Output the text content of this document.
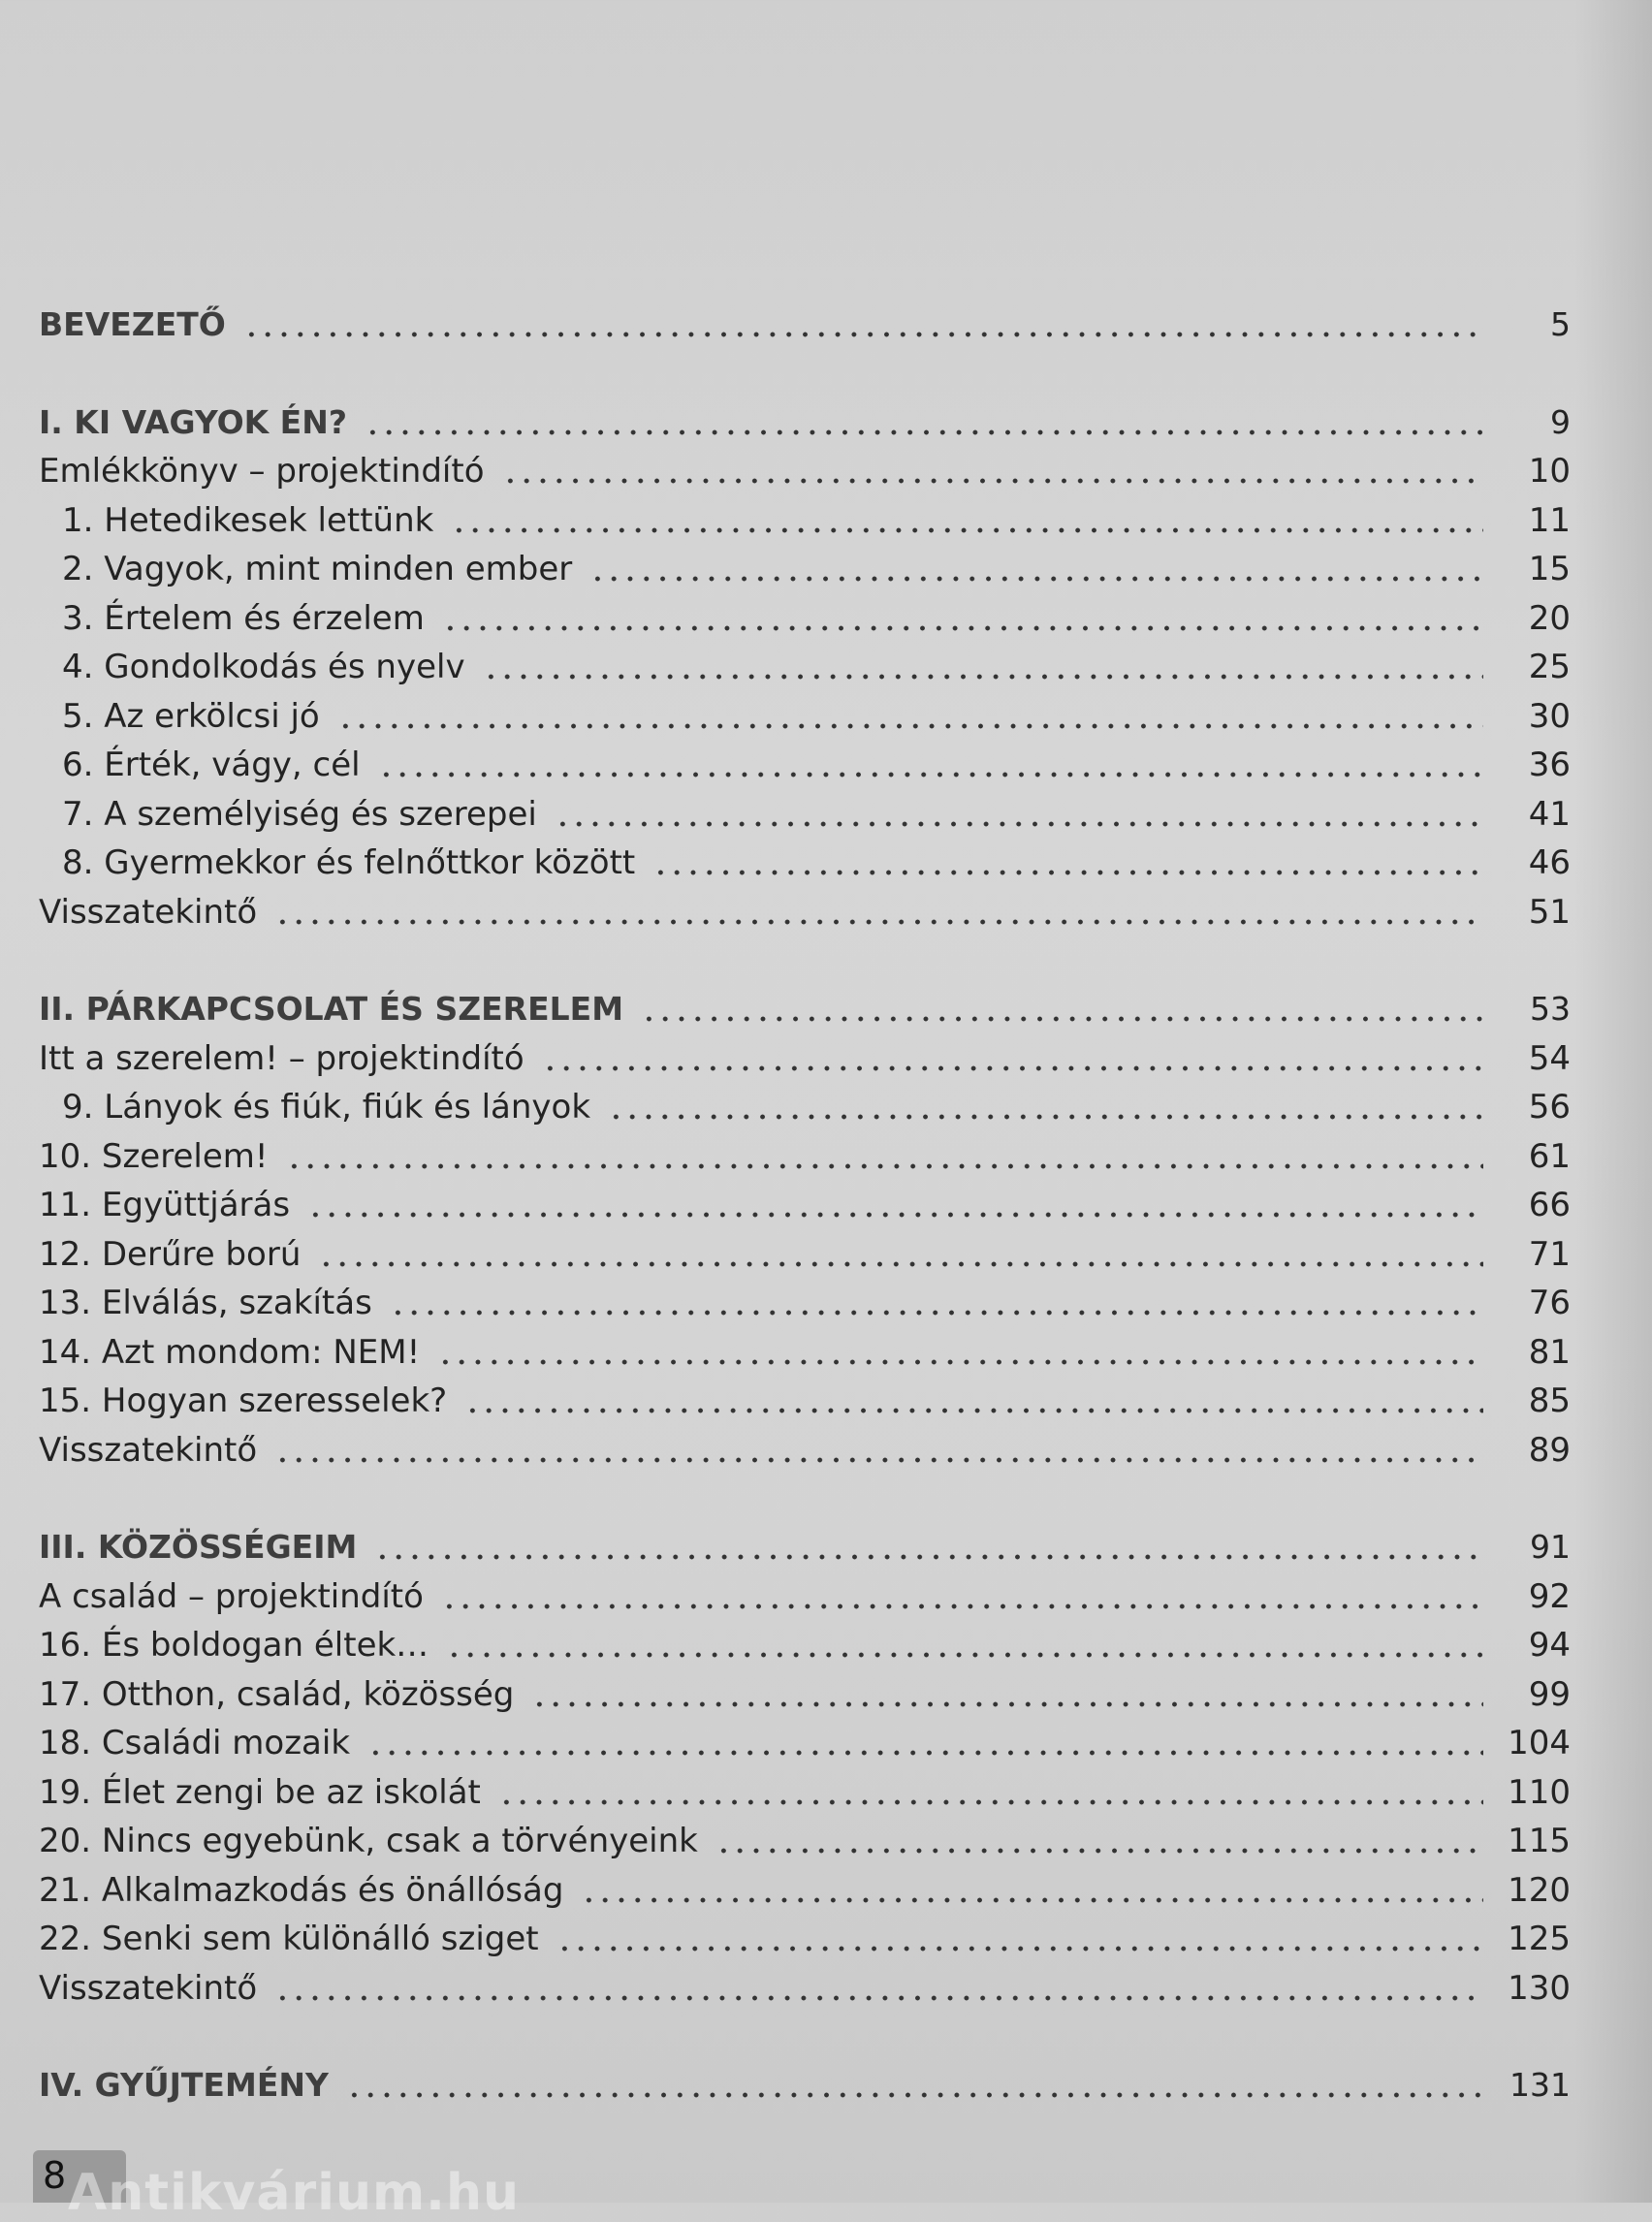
BEVEZETŐ	5
I. KI VAGYOK ÉN?	9
Emlékkönyv – projektindító	10
1. Hetedikesek lettünk	11
2. Vagyok, mint minden ember	15
3. Értelem és érzelem	20
4. Gondolkodás és nyelv	25
5. Az erkölcsi jó	30
6. Érték, vágy, cél	36
7. A személyiség és szerepei	41
8. Gyermekkor és felnőttkor között	46
Visszatekintő	51
II. PÁRKAPCSOLAT ÉS SZERELEM	53
Itt a szerelem! – projektindító	54
9. Lányok és fiúk, fiúk és lányok	56
10. Szerelem!	61
11. Együttjárás	66
12. Derűre ború	71
13. Elválás, szakítás	76
14. Azt mondom: NEM!	81
15. Hogyan szeresselek?	85
Visszatekintő	89
III. KÖZÖSSÉGEIM	91
A család – projektindító	92
16. És boldogan éltek…	94
17. Otthon, család, közösség	99
18. Családi mozaik	104
19. Élet zengi be az iskolát	110
20. Nincs egyebünk, csak a törvényeink	115
21. Alkalmazkodás és önállóság	120
22. Senki sem különálló sziget	125
Visszatekintő	130
IV. GYŰJTEMÉNY	131
8 Antikvárium.hu
